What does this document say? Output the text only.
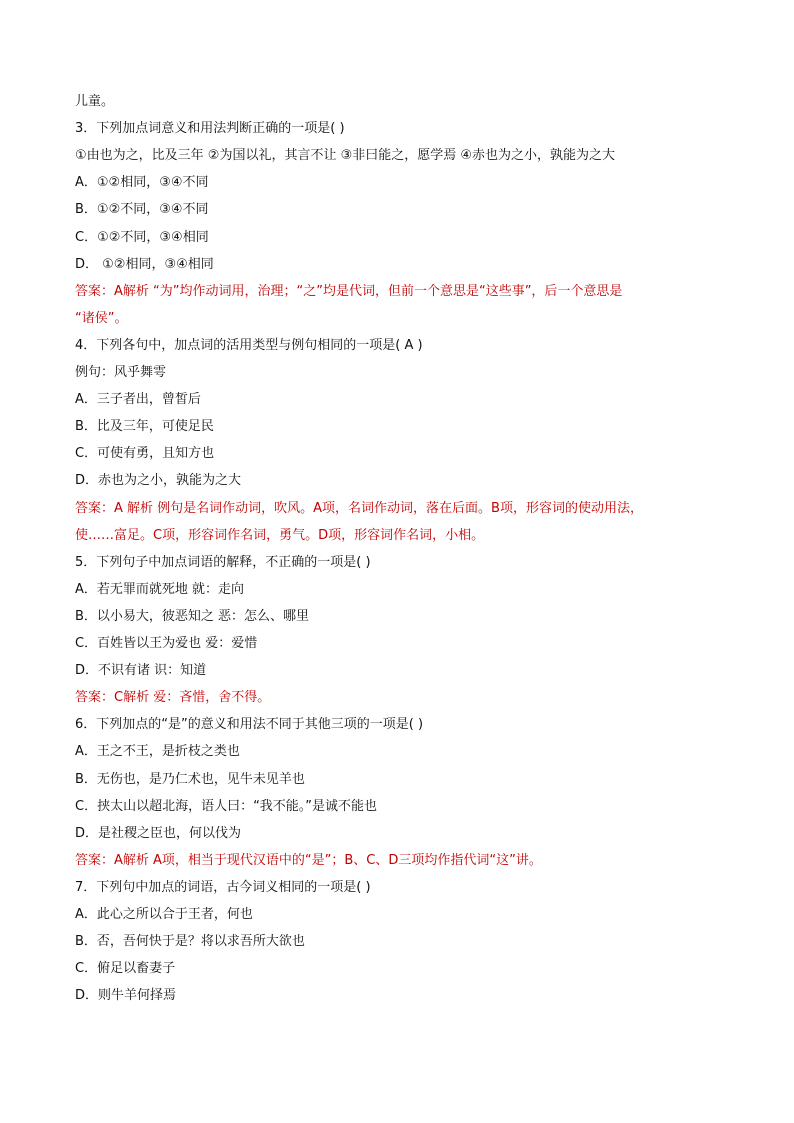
儿童。
3．下列加点词意义和用法判断正确的一项是( )
①由也为之，比及三年 ②为国以礼，其言不让 ③非曰能之，愿学焉 ④赤也为之小，孰能为之大
A．①②相同，③④不同
B．①②不同，③④不同
C．①②不同，③④相同
D． ①②相同，③④相同
答案：A解析 “为”均作动词用，治理；“之”均是代词，但前一个意思是“这些事”，后一个意思是
“诸侯”。
4．下列各句中，加点词的活用类型与例句相同的一项是( A )
例句：风乎舞雩
A．三子者出，曾皙后
B．比及三年，可使足民
C．可使有勇，且知方也
D．赤也为之小，孰能为之大
答案：A 解析 例句是名词作动词，吹风。A项，名词作动词，落在后面。B项，形容词的使动用法，
使……富足。C项，形容词作名词，勇气。D项，形容词作名词，小相。
5．下列句子中加点词语的解释，不正确的一项是( )
A．若无罪而就死地 就：走向
B．以小易大，彼恶知之 恶：怎么、哪里
C．百姓皆以王为爱也 爱：爱惜
D．不识有诸 识：知道
答案：C解析 爱：吝惜，舍不得。
6．下列加点的“是”的意义和用法不同于其他三项的一项是( )
A．王之不王，是折枝之类也
B．无伤也，是乃仁术也，见牛未见羊也
C．挟太山以超北海，语人曰：“我不能。”是诚不能也
D．是社稷之臣也，何以伐为
答案：A解析 A项，相当于现代汉语中的“是”；B、C、D三项均作指代词“这”讲。
7．下列句中加点的词语，古今词义相同的一项是( )
A．此心之所以合于王者，何也
B．否，吾何快于是？将以求吾所大欲也
C．俯足以畜妻子
D．则牛羊何择焉
